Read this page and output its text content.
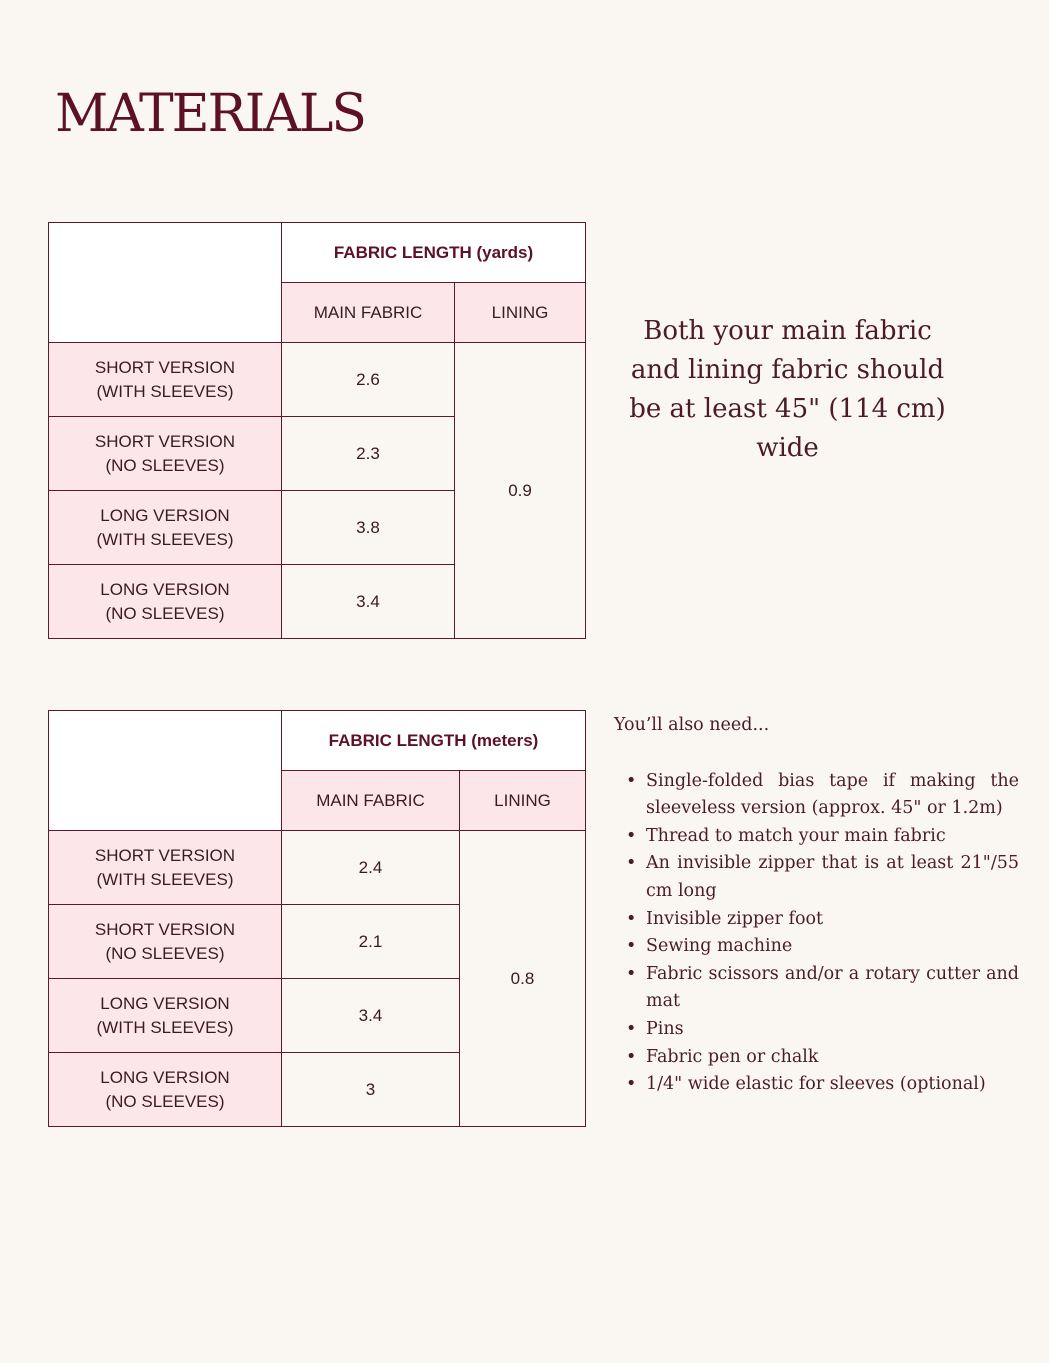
MATERIALS
	FABRIC LENGTH (yards)	
	MAIN FABRIC	LINING
SHORT VERSION
(WITH SLEEVES)	2.6	0.9
SHORT VERSION
(NO SLEEVES)	2.3	
LONG VERSION
(WITH SLEEVES)	3.8	
LONG VERSION
(NO SLEEVES)	3.4	
	FABRIC LENGTH (meters)	
	MAIN FABRIC	LINING
SHORT VERSION
(WITH SLEEVES)	2.4	0.8
SHORT VERSION
(NO SLEEVES)	2.1	
LONG VERSION
(WITH SLEEVES)	3.4	
LONG VERSION
(NO SLEEVES)	3	

Both your main fabric and lining fabric should be at least 45" (114 cm) wide

You’ll also need...

• Single-folded bias tape if making the sleeveless version (approx. 45" or 1.2m)
• Thread to match your main fabric
• An invisible zipper that is at least 21"/55 cm long
• Invisible zipper foot
• Sewing machine
• Fabric scissors and/or a rotary cutter and mat
• Pins
• Fabric pen or chalk
• 1/4" wide elastic for sleeves (optional)
